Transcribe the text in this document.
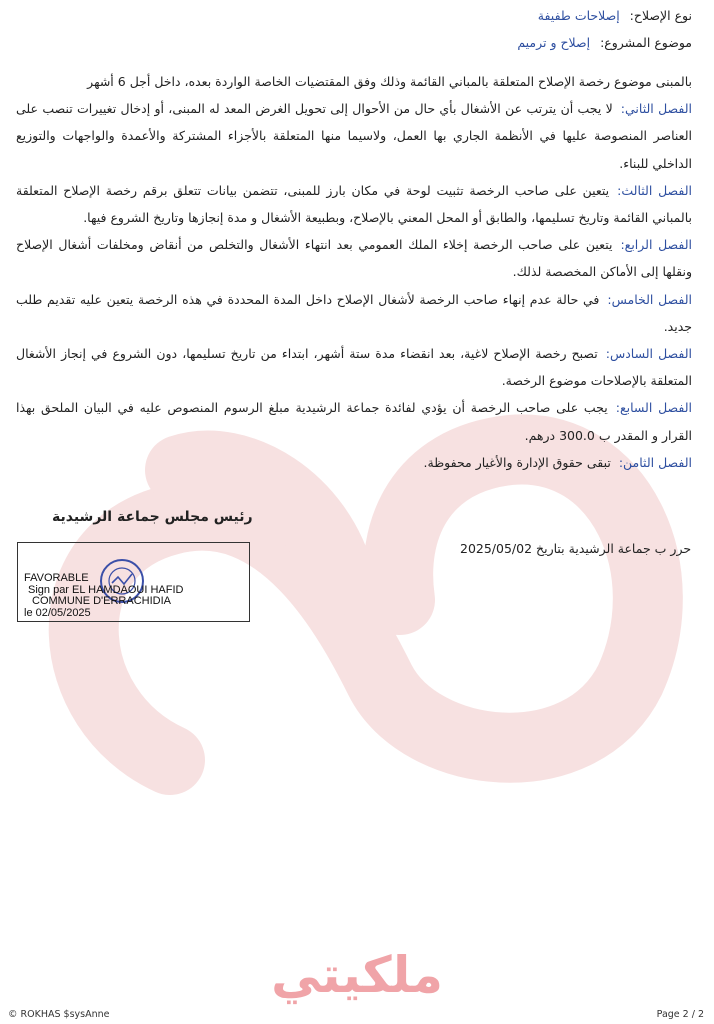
نوع الإصلاح: إصلاحات طفيفة
موضوع المشروع: إصلاح و ترميم

بالمبنى موضوع رخصة الإصلاح المتعلقة بالمباني القائمة وذلك وفق المقتضيات الخاصة الواردة بعده، داخل أجل 6 أشهر

الفصل الثاني:لا يجب أن يترتب عن الأشغال بأي حال من الأحوال إلى تحويل الغرض المعد له المبنى، أو إدخال تغييرات تنصب على العناصر المنصوصة عليها في الأنظمة الجاري بها العمل، ولاسيما منها المتعلقة بالأجزاء المشتركة والأعمدة والواجهات والتوزيع الداخلي للبناء.

الفصل الثالث:يتعين على صاحب الرخصة تثبيت لوحة في مكان بارز للمبنى، تتضمن بيانات تتعلق برقم رخصة الإصلاح المتعلقة بالمباني القائمة وتاريخ تسليمها، والطابق أو المحل المعني بالإصلاح، وبطبيعة الأشغال و مدة إنجازها وتاريخ الشروع فيها.

الفصل الرابع:يتعين على صاحب الرخصة إخلاء الملك العمومي بعد انتهاء الأشغال والتخلص من أنقاض ومخلفات أشغال الإصلاح ونقلها إلى الأماكن المخصصة لذلك.

الفصل الخامس:في حالة عدم إنهاء صاحب الرخصة لأشغال الإصلاح داخل المدة المحددة في هذه الرخصة يتعين عليه تقديم طلب جديد.

الفصل السادس:تصبح رخصة الإصلاح لاغية، بعد انقضاء مدة ستة أشهر، ابتداء من تاريخ تسليمها، دون الشروع في إنجاز الأشغال المتعلقة بالإصلاحات موضوع الرخصة.

الفصل السابع:يجب على صاحب الرخصة أن يؤدي لفائدة جماعة الرشيدية مبلغ الرسوم المنصوص عليه في البيان الملحق بهذا القرار و المقدر ب 300.0 درهم.

الفصل الثامن:تبقى حقوق الإدارة والأغيار محفوظة.

رئيس مجلس جماعة الرشيدية
حرر ب جماعة الرشيدية بتاريخ 2025/05/02
FAVORABLE
Sign par EL HAMDAOUI HAFID
COMMUNE D'ERRACHIDIA
le 02/05/2025
ملكيتي
© ROKHAS $sysAnne	Page 2 / 2
